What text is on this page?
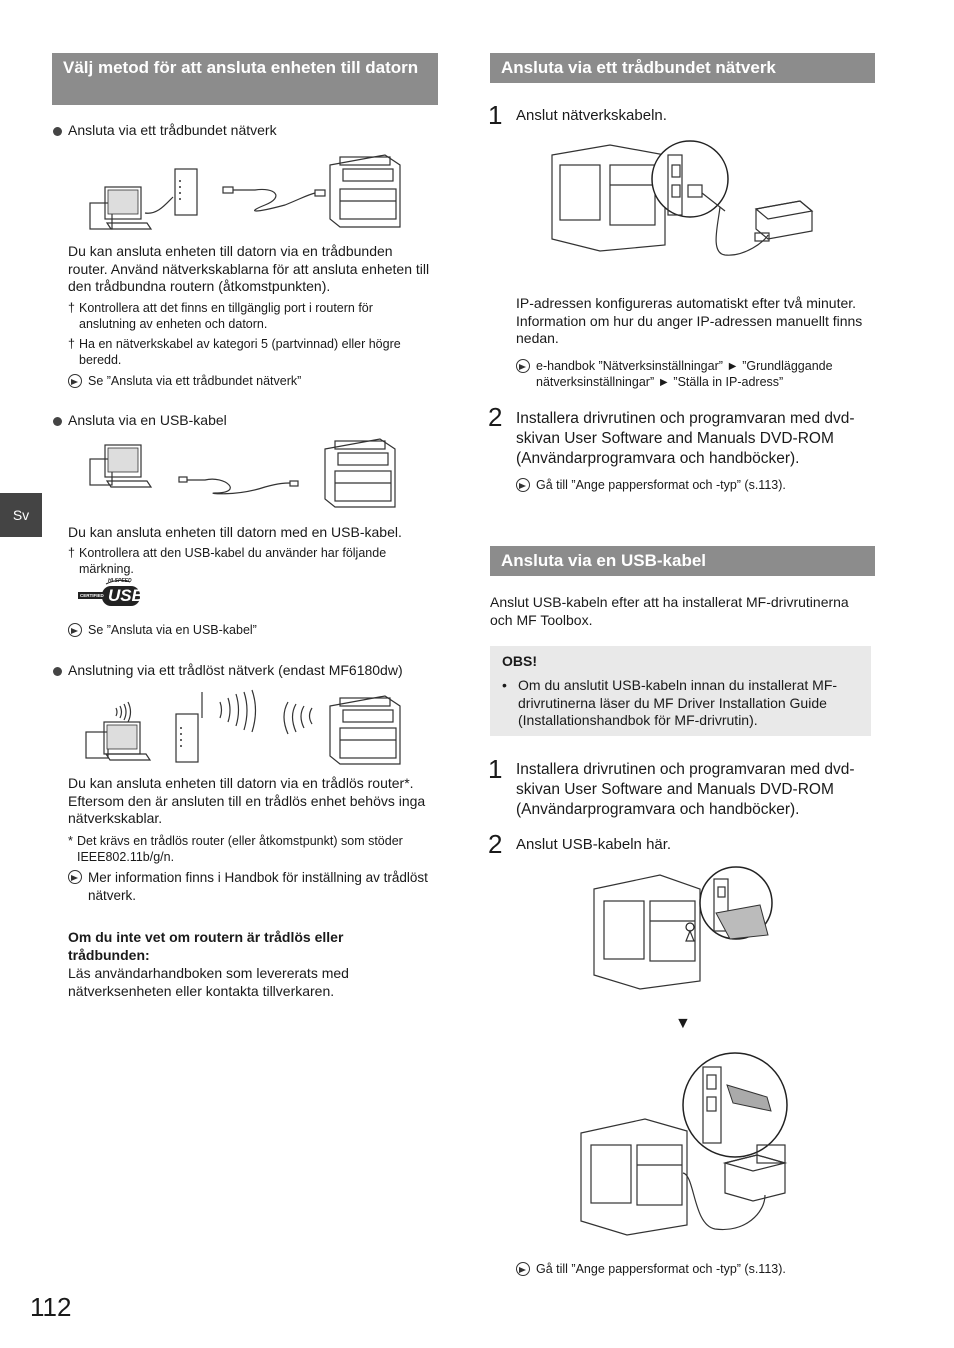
Sv
Välj metod för att ansluta enheten till datorn
Ansluta via ett trådbundet nätverk
Du kan ansluta enheten till datorn via en trådbunden router. Använd nätverkskablarna för att ansluta enheten till den trådbundna routern (åtkomstpunkten).
† Kontrollera att det finns en tillgänglig port i routern för anslutning av enheten och datorn.
† Ha en nätverkskabel av kategori 5 (partvinnad) eller högre beredd.
Se ”Ansluta via ett trådbundet nätverk”
Ansluta via en USB-kabel
Du kan ansluta enheten till datorn med en USB-kabel.
† Kontrollera att den USB-kabel du använder har följande märkning.
HI-SPEED
CERTIFIED USB
Se ”Ansluta via en USB-kabel”
Anslutning via ett trådlöst nätverk (endast MF6180dw)
Du kan ansluta enheten till datorn via en trådlös router*. Eftersom den är ansluten till en trådlös enhet behövs inga nätverkskablar.
* Det krävs en trådlös router (eller åtkomstpunkt) som stöder IEEE802.11b/g/n.
Mer information finns i Handbok för inställning av trådlöst nätverk.
Om du inte vet om routern är trådlös eller trådbunden:
Läs användarhandboken som levererats med nätverksenheten eller kontakta tillverkaren.
Ansluta via ett trådbundet nätverk
1 Anslut nätverkskabeln.
IP-adressen konfigureras automatiskt efter två minuter. Information om hur du anger IP-adressen manuellt finns nedan.
e-handbok ”Nätverksinställningar” ► ”Grundläggande nätverksinställningar” ► ”Ställa in IP-adress”
2 Installera drivrutinen och programvaran med dvd-skivan User Software and Manuals DVD-ROM (Användarprogramvara och handböcker).
Gå till ”Ange pappersformat och -typ” (s.113).
Ansluta via en USB-kabel
Anslut USB-kabeln efter att ha installerat MF-drivrutinerna och MF Toolbox.
OBS!
• Om du anslutit USB-kabeln innan du installerat MF-drivrutinerna läser du MF Driver Installation Guide (Installationshandbok för MF-drivrutin).
1 Installera drivrutinen och programvaran med dvd-skivan User Software and Manuals DVD-ROM (Användarprogramvara och handböcker).
2 Anslut USB-kabeln här.
▼
Gå till ”Ange pappersformat och -typ” (s.113).
112
